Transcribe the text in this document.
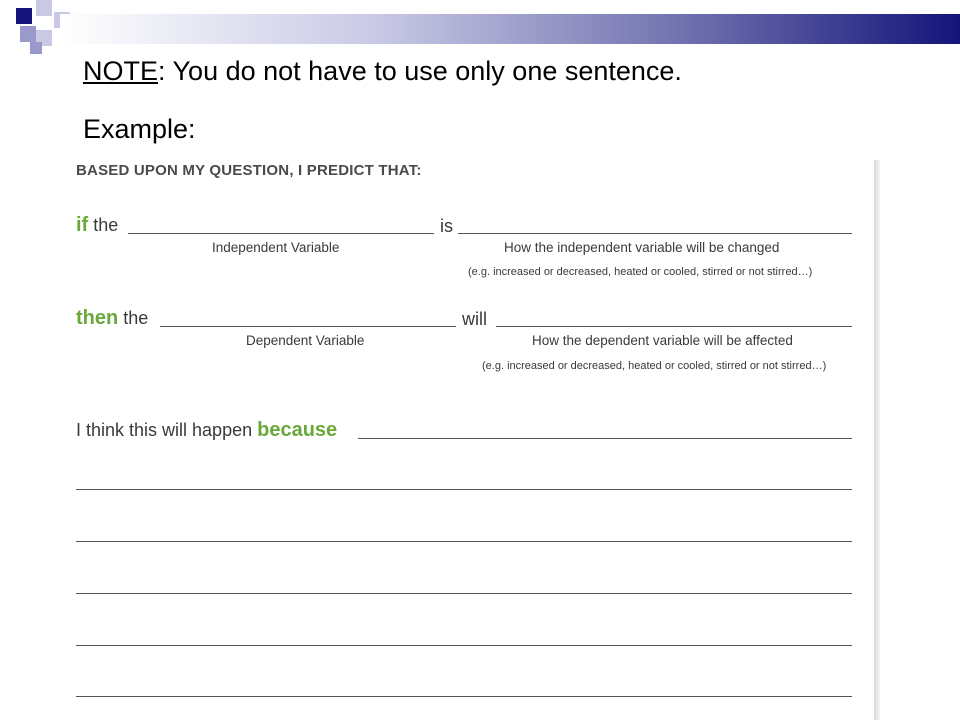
NOTE: You do not have to use only one sentence.
Example:
BASED UPON MY QUESTION, I PREDICT THAT:
if the	is
Independent Variable	How the independent variable will be changed
(e.g. increased or decreased, heated or cooled, stirred or not stirred…)
then the	will
Dependent Variable	How the dependent variable will be affected
(e.g. increased or decreased, heated or cooled, stirred or not stirred…)
I think this will happen because
